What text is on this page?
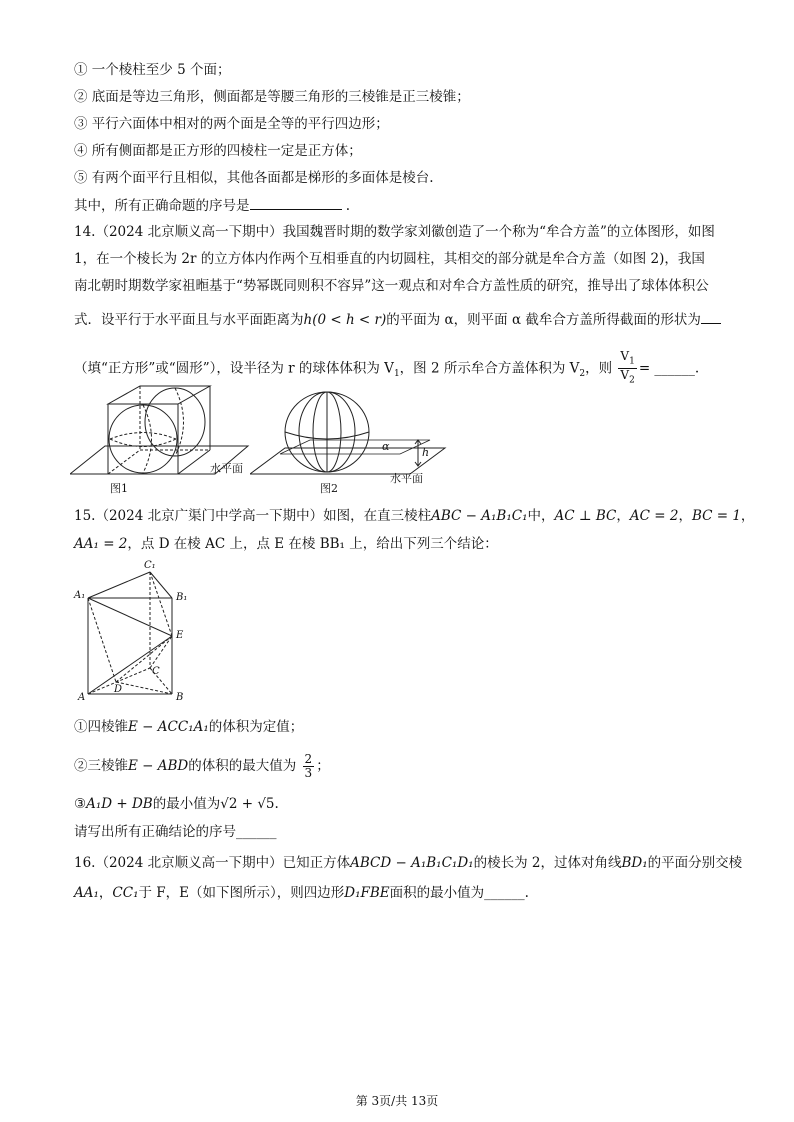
① 一个棱柱至少 5 个面；
② 底面是等边三角形，侧面都是等腰三角形的三棱锥是正三棱锥；
③ 平行六面体中相对的两个面是全等的平行四边形；
④ 所有侧面都是正方形的四棱柱一定是正方体；
⑤ 有两个面平行且相似，其他各面都是梯形的多面体是棱台.
其中，所有正确命题的序号是	.
14.（2024 北京顺义高一下期中）我国魏晋时期的数学家刘徽创造了一个称为“牟合方盖”的立体图形，如图
1，在一个棱长为 2r 的立方体内作两个互相垂直的内切圆柱，其相交的部分就是牟合方盖（如图 2)，我国
南北朝时期数学家祖暅基于“势幂既同则积不容异”这一观点和对牟合方盖性质的研究，推导出了球体体积公
式．设平行于水平面且与水平面距离为h(0 < h < r)的平面为 α，则平面 α 截牟合方盖所得截面的形状为
（填“正方形”或“圆形”），设半径为 r 的球体体积为 $V_1$，图 2 所示牟合方盖体积为 $V_2$，则 $\frac{V_1}{V_2}$ = ______.
图1
水平面
α	h
图2
水平面
15.（2024 北京广渠门中学高一下期中）如图，在直三棱柱ABC − A₁B₁C₁中，AC ⊥ BC，AC = 2，BC = 1，
AA₁ = 2，点 D 在棱 AC 上，点 E 在棱 BB₁ 上，给出下列三个结论：
C₁
A₁	B₁
E
C
D
A	B
①四棱锥E − ACC₁A₁的体积为定值；
②三棱锥E − ABD的体积的最大值为 $\frac{2}{3}$ ；
③A₁D + DB的最小值为√2 + √5.
请写出所有正确结论的序号______
16.（2024 北京顺义高一下期中）已知正方体ABCD − A₁B₁C₁D₁的棱长为 2，过体对角线BD₁的平面分别交棱
AA₁，CC₁于 F，E（如下图所示），则四边形D₁FBE面积的最小值为______.
第 3页/共 13页
